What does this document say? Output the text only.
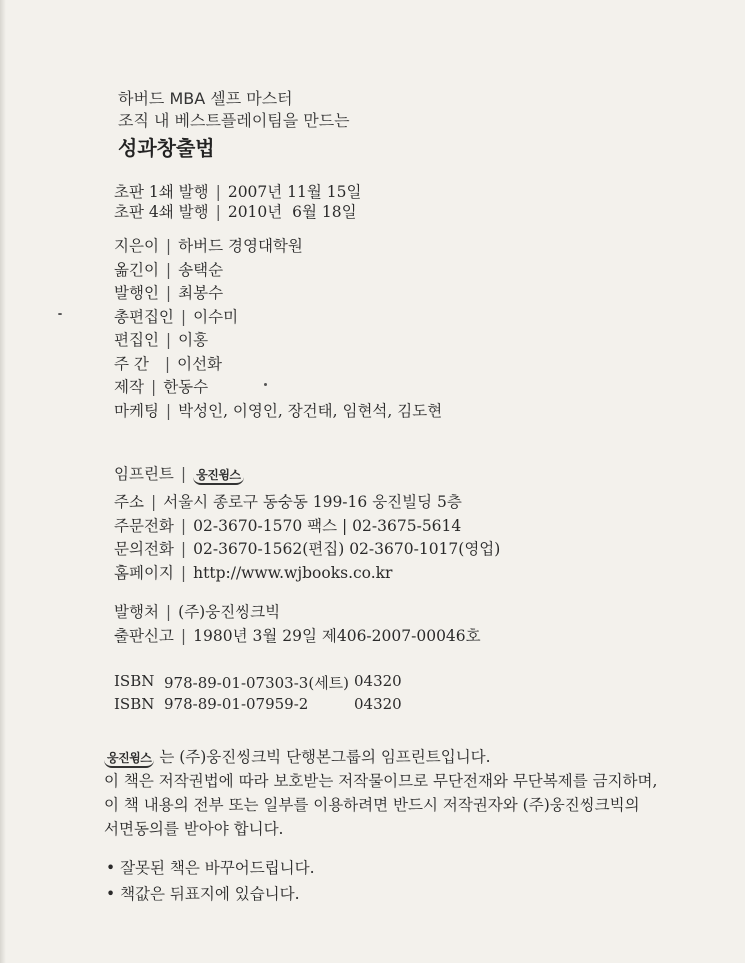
하버드 MBA 셀프 마스터
조직 내 베스트플레이팀을 만드는
성과창출법
초판 1쇄 발행 | 2007년 11월 15일
초판 4쇄 발행 | 2010년  6월 18일
지은이 | 하버드 경영대학원
옮긴이 | 송택순
발행인 | 최봉수
총편집인 | 이수미
편집인 | 이홍
주 간 | 이선화
제작 | 한동수
마케팅 | 박성인, 이영인, 장건태, 임현석, 김도현
임프린트 | 웅진윙스
주소 | 서울시 종로구 동숭동 199-16 웅진빌딩 5층
주문전화 | 02-3670-1570 팩스 | 02-3675-5614
문의전화 | 02-3670-1562(편집) 02-3670-1017(영업)
홈페이지 | http://www.wjbooks.co.kr
발행처 | (주)웅진씽크빅
출판신고 | 1980년 3월 29일 제406-2007-00046호
ISBN 978-89-01-07303-3(세트) 04320
ISBN 978-89-01-07959-2	04320

웅진윙스 는 (주)웅진씽크빅 단행본그룹의 임프린트입니다.

이 책은 저작권법에 따라 보호받는 저작물이므로 무단전재와 무단복제를 금지하며,

이 책 내용의 전부 또는 일부를 이용하려면 반드시 저작권자와 (주)웅진씽크빅의

서면동의를 받아야 합니다.

• 잘못된 책은 바꾸어드립니다.
• 책값은 뒤표지에 있습니다.
